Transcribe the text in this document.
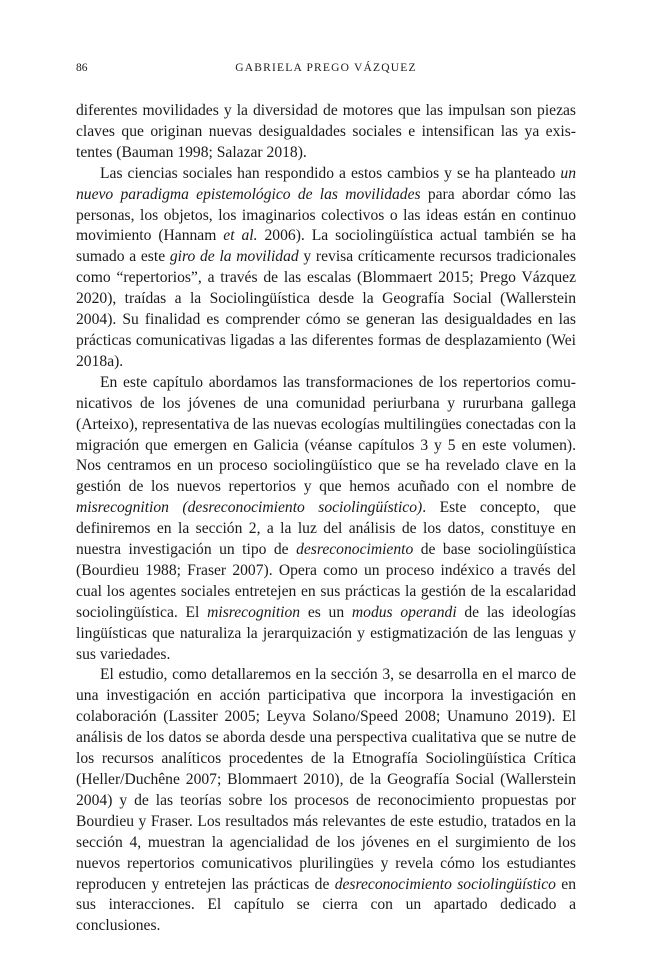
86	GABRIELA PREGO VÁZQUEZ

diferentes movilidades y la diversidad de motores que las impulsan son piezas claves que originan nuevas desigualdades sociales e intensifican las ya existentes (Bauman 1998; Salazar 2018).

Las ciencias sociales han respondido a estos cambios y se ha planteado un nuevo paradigma epistemológico de las movilidades para abordar cómo las personas, los objetos, los imaginarios colectivos o las ideas están en continuo movimiento (Hannam et al. 2006). La sociolingüística actual también se ha sumado a este giro de la movilidad y revisa críticamente recursos tradicionales como “repertorios”, a través de las escalas (Blommaert 2015; Prego Vázquez 2020), traídas a la Sociolingüística desde la Geografía Social (Wallerstein 2004). Su finalidad es comprender cómo se generan las desigualdades en las prácticas comunicativas ligadas a las diferentes formas de desplazamiento (Wei 2018a).

En este capítulo abordamos las transformaciones de los repertorios comunicativos de los jóvenes de una comunidad periurbana y rururbana gallega (Arteixo), representativa de las nuevas ecologías multilingües conectadas con la migración que emergen en Galicia (véanse capítulos 3 y 5 en este volumen). Nos centramos en un proceso sociolingüístico que se ha revelado clave en la gestión de los nuevos repertorios y que hemos acuñado con el nombre de misrecognition (desreconocimiento sociolingüístico). Este concepto, que definiremos en la sección 2, a la luz del análisis de los datos, constituye en nuestra investigación un tipo de desreconocimiento de base sociolingüística (Bourdieu 1988; Fraser 2007). Opera como un proceso indéxico a través del cual los agentes sociales entretejen en sus prácticas la gestión de la escalaridad sociolingüística. El misrecognition es un modus operandi de las ideologías lingüísticas que naturaliza la jerarquización y estigmatización de las lenguas y sus variedades.

El estudio, como detallaremos en la sección 3, se desarrolla en el marco de una investigación en acción participativa que incorpora la investigación en colaboración (Lassiter 2005; Leyva Solano/Speed 2008; Unamuno 2019). El análisis de los datos se aborda desde una perspectiva cualitativa que se nutre de los recursos analíticos procedentes de la Etnografía Sociolingüística Crítica (Heller/Duchêne 2007; Blommaert 2010), de la Geografía Social (Wallerstein 2004) y de las teorías sobre los procesos de reconocimiento propuestas por Bourdieu y Fraser. Los resultados más relevantes de este estudio, tratados en la sección 4, muestran la agencialidad de los jóvenes en el surgimiento de los nuevos repertorios comunicativos plurilingües y revela cómo los estudiantes reproducen y entretejen las prácticas de desreconocimiento sociolingüístico en sus interacciones. El capítulo se cierra con un apartado dedicado a conclusiones.
